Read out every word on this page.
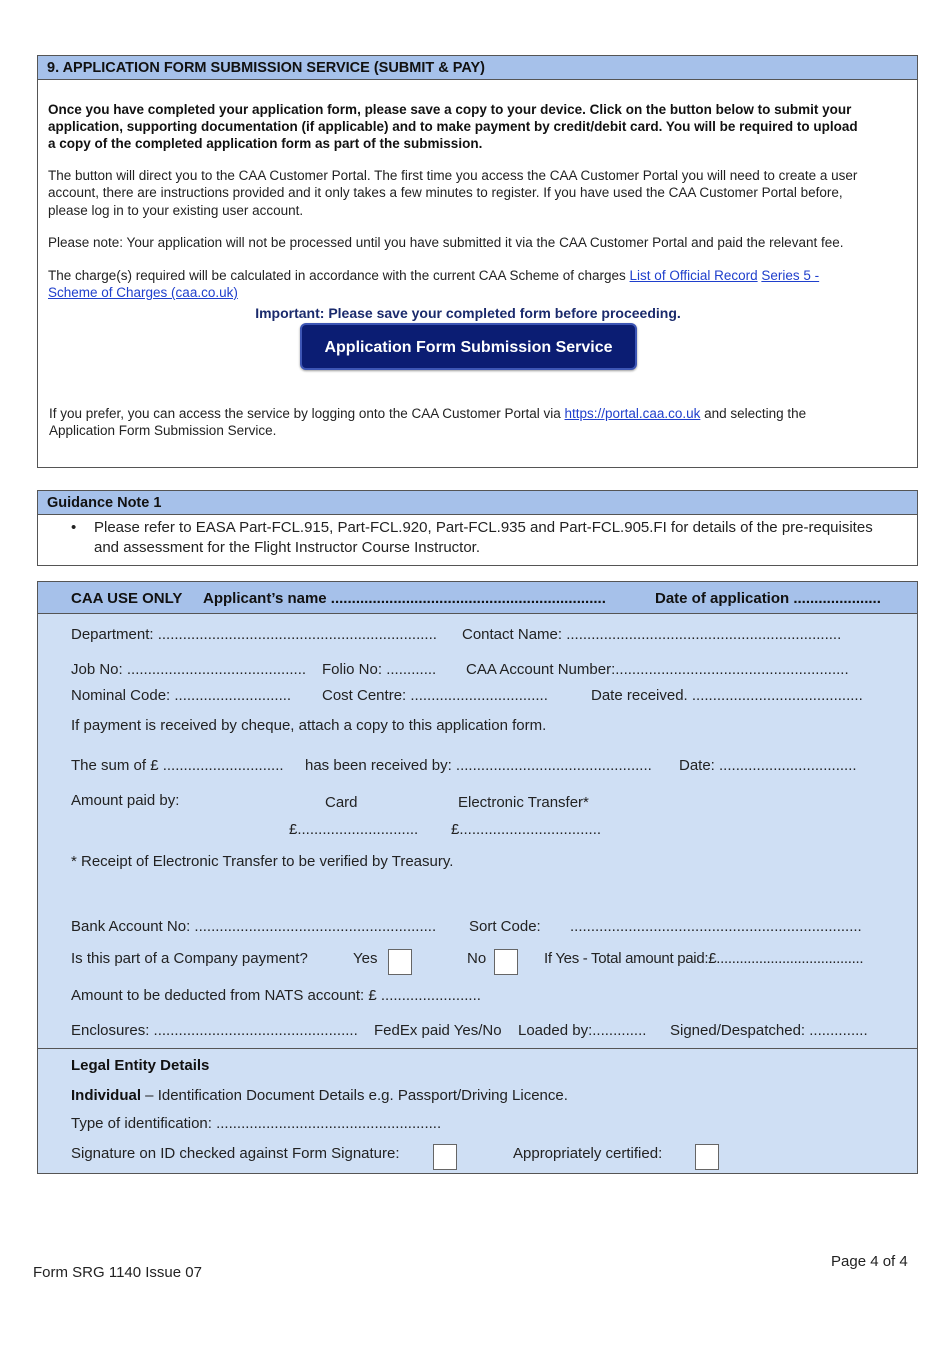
9. APPLICATION FORM SUBMISSION SERVICE (SUBMIT & PAY)
Once you have completed your application form, please save a copy to your device. Click on the button below to submit your
application, supporting documentation (if applicable) and to make payment by credit/debit card. You will be required to upload
a copy of the completed application form as part of the submission.
The button will direct you to the CAA Customer Portal. The first time you access the CAA Customer Portal you will need to create a user
account, there are instructions provided and it only takes a few minutes to register. If you have used the CAA Customer Portal before,
please log in to your existing user account.
Please note: Your application will not be processed until you have submitted it via the CAA Customer Portal and paid the relevant fee.
The charge(s) required will be calculated in accordance with the current CAA Scheme of charges List of Official Record Series 5 -
Scheme of Charges (caa.co.uk)
Important: Please save your completed form before proceeding.
Application Form Submission Service
If you prefer, you can access the service by logging onto the CAA Customer Portal via https://portal.caa.co.uk and selecting the
Application Form Submission Service.
Guidance Note 1
• Please refer to EASA Part-FCL.915, Part-FCL.920, Part-FCL.935 and Part-FCL.905.FI for details of the pre-requisites and assessment for the Flight Instructor Course Instructor.
CAA USE ONLY Applicant’s name ..................................................................	Date of application .....................
Department: ................................................................... Contact Name: ..................................................................
Job No: ........................................... Folio No: ............ CAA Account Number:........................................................
Nominal Code: ............................ Cost Centre: .................................	Date received. .........................................
If payment is received by cheque, attach a copy to this application form.
The sum of £ ............................. has been received by: ............................................... Date: .................................
Amount paid by:	Card	Electronic Transfer*
£............................. £..................................
* Receipt of Electronic Transfer to be verified by Treasury.
Bank Account No: .......................................................... Sort Code: ......................................................................
Is this part of a Company payment?	Yes	No	If Yes - Total amount paid:£......................................
Amount to be deducted from NATS account: £ ........................
Enclosures: ................................................. FedEx paid Yes/No Loaded by:............. Signed/Despatched: ..............
Legal Entity Details
Individual – Identification Document Details e.g. Passport/Driving Licence.
Type of identification: ......................................................
Signature on ID checked against Form Signature:	Appropriately certified:
Form SRG 1140 Issue 07
Page 4 of 4
